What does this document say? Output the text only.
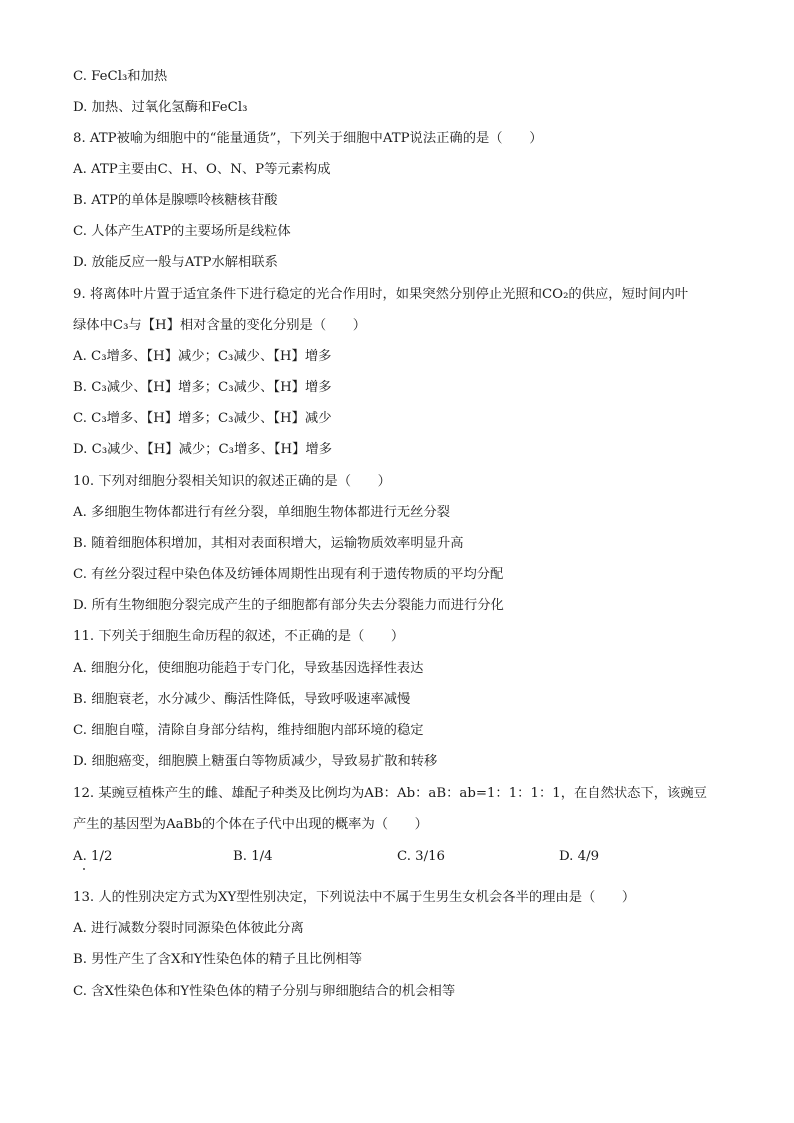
C. FeCl₃和加热
D. 加热、过氧化氢酶和FeCl₃
8. ATP被喻为细胞中的“能量通货”，下列关于细胞中ATP说法正确的是（　　）
A. ATP主要由C、H、O、N、P等元素构成
B. ATP的单体是腺嘌呤核糖核苷酸
C. 人体产生ATP的主要场所是线粒体
D. 放能反应一般与ATP水解相联系
9. 将离体叶片置于适宜条件下进行稳定的光合作用时，如果突然分别停止光照和CO₂的供应，短时间内叶
绿体中C₃与【H】相对含量的变化分别是（　　）
A. C₃增多、【H】减少；C₃减少、【H】增多
B. C₃减少、【H】增多；C₃减少、【H】增多
C. C₃增多、【H】增多；C₃减少、【H】减少
D. C₃减少、【H】减少；C₃增多、【H】增多
10. 下列对细胞分裂相关知识的叙述正确的是（　　）
A. 多细胞生物体都进行有丝分裂，单细胞生物体都进行无丝分裂
B. 随着细胞体积增加，其相对表面积增大，运输物质效率明显升高
C. 有丝分裂过程中染色体及纺锤体周期性出现有利于遗传物质的平均分配
D. 所有生物细胞分裂完成产生的子细胞都有部分失去分裂能力而进行分化
11. 下列关于细胞生命历程的叙述，不正确的是（　　）
A. 细胞分化，使细胞功能趋于专门化，导致基因选择性表达
B. 细胞衰老，水分减少、酶活性降低，导致呼吸速率减慢
C. 细胞自噬，清除自身部分结构，维持细胞内部环境的稳定
D. 细胞癌变，细胞膜上糖蛋白等物质减少，导致易扩散和转移
12. 某豌豆植株产生的雌、雄配子种类及比例均为AB：Ab：aB：ab=1：1：1：1，在自然状态下，该豌豆
产生的基因型为AaBb的个体在子代中出现的概率为（　　）
A. 1/2	B. 1/4	C. 3/16	D. 4/9
13. 人的性别决定方式为XY型性别决定，下列说法中不属于生男生女机会各半的理由是（　　）
A. 进行减数分裂时同源染色体彼此分离
B. 男性产生了含X和Y性染色体的精子且比例相等
C. 含X性染色体和Y性染色体的精子分别与卵细胞结合的机会相等
